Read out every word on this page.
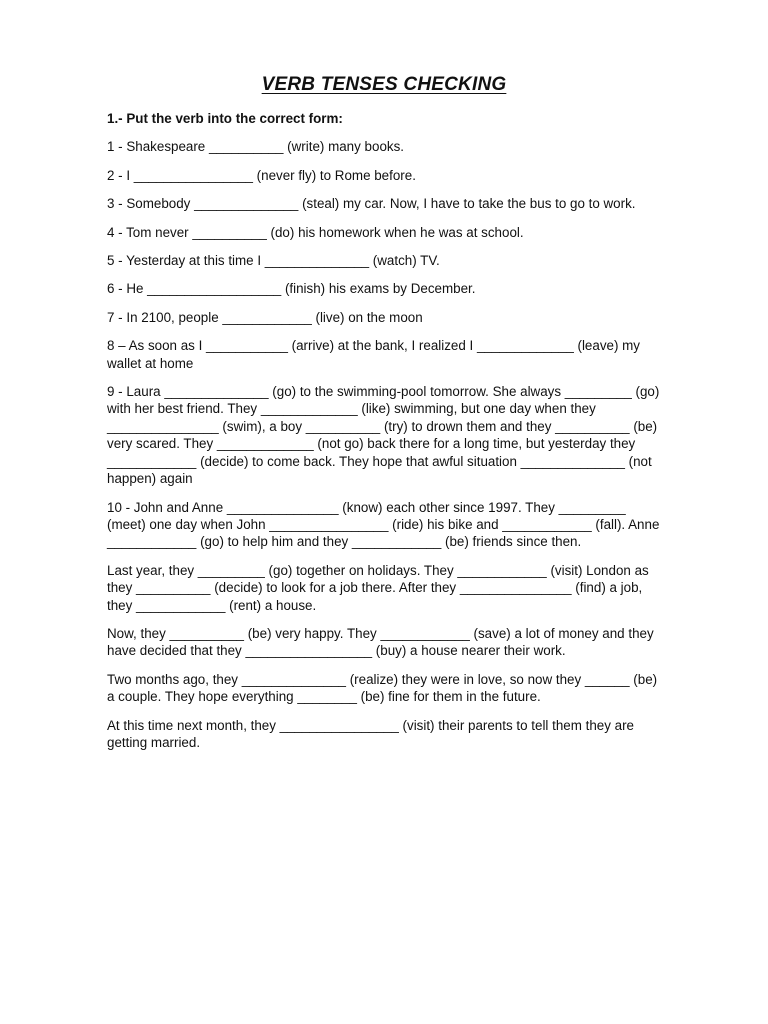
VERB TENSES CHECKING

1.- Put the verb into the correct form:

1 - Shakespeare __________ (write) many books.

2 - I ________________ (never fly) to Rome before.

3 - Somebody ______________ (steal) my car. Now, I have to take the bus to go to work.

4 - Tom never __________ (do) his homework when he was at school.

5 - Yesterday at this time I ______________ (watch) TV.

6 - He __________________ (finish) his exams by December.

7 - In 2100, people ____________ (live) on the moon

8 – As soon as I ___________ (arrive) at the bank, I realized I _____________ (leave) my wallet at home

9 - Laura ______________ (go) to the swimming-pool tomorrow. She always _________ (go) with her best friend. They _____________ (like) swimming, but one day when they _______________ (swim), a boy __________ (try) to drown them and they __________ (be) very scared. They _____________ (not go) back there for a long time, but yesterday they ____________ (decide) to come back. They hope that awful situation ______________ (not happen) again

10 - John and Anne _______________ (know) each other since 1997. They _________ (meet) one day when John ________________ (ride) his bike and ____________ (fall). Anne ____________ (go) to help him and they ____________ (be) friends since then.

Last year, they _________ (go) together on holidays. They ____________ (visit) London as they __________ (decide) to look for a job there. After they _______________ (find) a job, they ____________ (rent) a house.

Now, they __________ (be) very happy. They ____________ (save) a lot of money and they have decided that they _________________ (buy) a house nearer their work.

Two months ago, they ______________ (realize) they were in love, so now they ______ (be) a couple. They hope everything ________ (be) fine for them in the future.

At this time next month, they ________________ (visit) their parents to tell them they are getting married.
